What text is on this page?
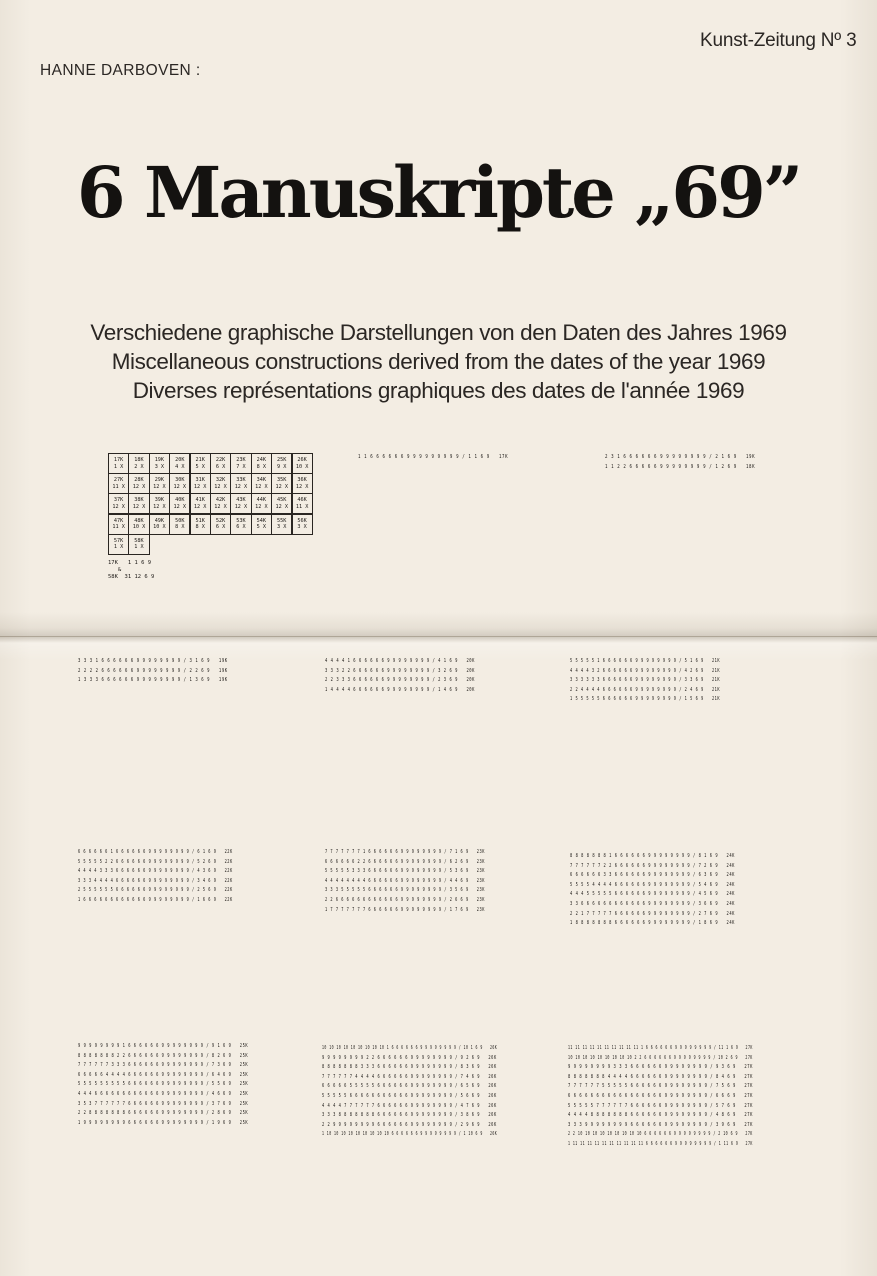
Kunst-Zeitung Nº 3
HANNE DARBOVEN :
6 Manuskripte „69”
Verschiedene graphische Darstellungen von den Daten des Jahres 1969
Miscellaneous constructions derived from the dates of the year 1969
Diverses représentations graphiques des dates de l'année 1969
17K
1 X
18K
2 X
19K
3 X
20K
4 X
21K
5 X
22K
6 X
23K
7 X
24K
8 X
25K
9 X
26K
10 X
27K
11 X
28K
12 X
29K
12 X
30K
12 X
31K
12 X
32K
12 X
33K
12 X
34K
12 X
35K
12 X
36K
12 X
37K
12 X
38K
12 X
39K
12 X
40K
12 X
41K
12 X
42K
12 X
43K
12 X
44K
12 X
45K
12 X
46K
11 X
47K
11 X
48K
10 X
49K
10 X
50K
8 X
51K
8 X
52K
6 X
53K
6 X
54K
5 X
55K
3 X
56K
3 X
57K
1 X
58K
1 X
17K   1 1 6 9
&
58K  31 12 6 9
1 1 6 6 6 6 6 6 9 9 9 9 9 9 9 9 9 / 1 1 6 9   17K	2 3 1 6 6 6 6 6 6 9 9 9 9 9 9 9 9 / 2 1 6 9   19K
1 1 2 2 6 6 6 6 6 9 9 9 9 9 9 9 9 / 1 2 6 9   18K
3 3 3 1 6 6 6 6 6 6 9 9 9 9 9 9 9 9 / 3 1 6 9   19K
2 2 2 2 6 6 6 6 6 6 9 9 9 9 9 9 9 9 / 2 2 6 9   19K
1 3 3 3 6 6 6 6 6 6 9 9 9 9 9 9 9 9 / 1 3 6 9   19K
4 4 4 4 1 6 6 6 6 6 6 9 9 9 9 9 9 9 9 / 4 1 6 9   20K
3 3 3 2 2 6 6 6 6 6 6 9 9 9 9 9 9 9 9 / 3 2 6 9   20K
2 2 3 3 3 6 6 6 6 6 6 9 9 9 9 9 9 9 9 / 2 3 6 9   20K
1 4 4 4 4 6 6 6 6 6 6 9 9 9 9 9 9 9 9 / 1 4 6 9   20K
5 5 5 5 5 1 6 6 6 6 6 6 9 9 9 9 9 9 9 9 / 5 1 6 9   21K
4 4 4 4 3 2 6 6 6 6 6 6 9 9 9 9 9 9 9 9 / 4 2 6 9   21K
3 3 3 3 3 3 6 6 6 6 6 6 9 9 9 9 9 9 9 9 / 3 3 6 9   21K
2 2 4 4 4 4 6 6 6 6 6 6 9 9 9 9 9 9 9 9 / 2 4 6 9   21K
1 5 5 5 5 5 6 6 6 6 6 6 9 9 9 9 9 9 9 9 / 1 5 6 9   21K
6 6 6 6 6 6 1 6 6 6 6 6 6 9 9 9 9 9 9 9 9 / 6 1 6 9   22K
5 5 5 5 5 2 2 6 6 6 6 6 6 9 9 9 9 9 9 9 9 / 5 2 6 9   22K
4 4 4 4 3 3 3 6 6 6 6 6 6 9 9 9 9 9 9 9 9 / 4 3 6 9   22K
3 3 3 4 4 4 4 6 6 6 6 6 6 9 9 9 9 9 9 9 9 / 3 4 6 9   22K
2 5 5 5 5 5 5 6 6 6 6 6 6 9 9 9 9 9 9 9 9 / 2 5 6 9   22K
1 6 6 6 6 6 6 6 6 6 6 6 6 9 9 9 9 9 9 9 9 / 1 6 6 9   22K
7 7 7 7 7 7 7 1 6 6 6 6 6 6 9 9 9 9 9 9 9 9 / 7 1 6 9   23K
6 6 6 6 6 6 2 2 6 6 6 6 6 6 9 9 9 9 9 9 9 9 / 6 2 6 9   23K
5 5 5 5 5 3 3 3 6 6 6 6 6 6 9 9 9 9 9 9 9 9 / 5 3 6 9   23K
4 4 4 4 4 4 4 4 6 6 6 6 6 6 9 9 9 9 9 9 9 9 / 4 4 6 9   23K
3 3 3 5 5 5 5 5 6 6 6 6 6 6 9 9 9 9 9 9 9 9 / 3 5 6 9   23K
2 2 6 6 6 6 6 6 6 6 6 6 6 6 9 9 9 9 9 9 9 9 / 2 6 6 9   23K
1 7 7 7 7 7 7 7 6 6 6 6 6 6 9 9 9 9 9 9 9 9 / 1 7 6 9   23K
8 8 8 8 8 8 8 1 6 6 6 6 6 6 9 9 9 9 9 9 9 9 / 8 1 6 9   24K
7 7 7 7 7 7 2 2 6 6 6 6 6 6 9 9 9 9 9 9 9 9 / 7 2 6 9   24K
6 6 6 6 6 6 3 3 6 6 6 6 6 6 9 9 9 9 9 9 9 9 / 6 3 6 9   24K
5 5 5 5 4 4 4 4 6 6 6 6 6 6 9 9 9 9 9 9 9 9 / 5 4 6 9   24K
4 4 4 5 5 5 5 5 6 6 6 6 6 6 9 9 9 9 9 9 9 9 / 4 5 6 9   24K
3 3 6 6 6 6 6 6 6 6 6 6 6 6 9 9 9 9 9 9 9 9 / 3 6 6 9   24K
2 2 1 7 7 7 7 7 6 6 6 6 6 6 9 9 9 9 9 9 9 9 / 2 7 6 9   24K
1 8 8 8 8 8 8 8 6 6 6 6 6 6 9 9 9 9 9 9 9 9 / 1 8 6 9   24K
9 9 9 9 9 9 9 9 1 6 6 6 6 6 6 9 9 9 9 9 9 9 9 / 9 1 6 9   25K
8 8 8 8 8 8 8 2 2 6 6 6 6 6 6 9 9 9 9 9 9 9 9 / 8 2 6 9   25K
7 7 7 7 7 7 3 3 3 6 6 6 6 6 6 9 9 9 9 9 9 9 9 / 7 3 6 9   25K
6 6 6 6 6 4 4 4 4 6 6 6 6 6 6 9 9 9 9 9 9 9 9 / 6 4 6 9   25K
5 5 5 5 5 5 5 5 5 6 6 6 6 6 6 9 9 9 9 9 9 9 9 / 5 5 6 9   25K
4 4 4 6 6 6 6 6 6 6 6 6 6 6 6 9 9 9 9 9 9 9 9 / 4 6 6 9   25K
3 5 3 7 7 7 7 7 7 6 6 6 6 6 6 9 9 9 9 9 9 9 9 / 3 7 6 9   25K
2 2 8 8 8 8 8 8 8 6 6 6 6 6 6 9 9 9 9 9 9 9 9 / 2 8 6 9   25K
1 9 9 9 9 9 9 9 9 6 6 6 6 6 6 9 9 9 9 9 9 9 9 / 1 9 6 9   25K
10 10 10 10 10 10 10 10 10 1 6 6 6 6 6 6 9 9 9 9 9 9 9 9 / 10 1 6 9   26K
9 9 9 9 9 9 9 9 2 2 6 6 6 6 6 6 9 9 9 9 9 9 9 9 / 9 2 6 9   26K
8 8 8 8 8 8 8 3 3 3 6 6 6 6 6 6 9 9 9 9 9 9 9 9 / 8 3 6 9   26K
7 7 7 7 7 7 4 4 4 4 6 6 6 6 6 6 9 9 9 9 9 9 9 9 / 7 4 6 9   26K
6 6 6 6 6 5 5 5 5 5 6 6 6 6 6 6 9 9 9 9 9 9 9 9 / 6 5 6 9   26K
5 5 5 5 5 6 6 6 6 6 6 6 6 6 6 6 9 9 9 9 9 9 9 9 / 5 6 6 9   26K
4 4 4 4 7 7 7 7 7 7 6 6 6 6 6 6 9 9 9 9 9 9 9 9 / 4 7 6 9   26K
3 3 3 8 8 8 8 8 8 8 6 6 6 6 6 6 9 9 9 9 9 9 9 9 / 3 8 6 9   26K
2 2 9 9 9 9 9 9 9 9 6 6 6 6 6 6 9 9 9 9 9 9 9 9 / 2 9 6 9   26K
1 10 10 10 10 10 10 10 10 10 6 6 6 6 6 6 9 9 9 9 9 9 9 9 / 1 10 6 9   26K
11 11 11 11 11 11 11 11 11 11 1 6 6 6 6 6 6 9 9 9 9 9 9 9 9 / 11 1 6 9   27K
10 10 10 10 10 10 10 10 10 2 2 6 6 6 6 6 6 9 9 9 9 9 9 9 9 / 10 2 6 9   27K
9 9 9 9 9 9 9 9 3 3 3 6 6 6 6 6 6 9 9 9 9 9 9 9 9 / 9 3 6 9   27K
8 8 8 8 8 8 8 4 4 4 4 6 6 6 6 6 6 9 9 9 9 9 9 9 9 / 8 4 6 9   27K
7 7 7 7 7 7 5 5 5 5 5 6 6 6 6 6 6 9 9 9 9 9 9 9 9 / 7 5 6 9   27K
6 6 6 6 6 6 6 6 6 6 6 6 6 6 6 6 6 9 9 9 9 9 9 9 9 / 6 6 6 9   27K
5 5 5 5 5 7 7 7 7 7 7 6 6 6 6 6 6 9 9 9 9 9 9 9 9 / 5 7 6 9   27K
4 4 4 4 8 8 8 8 8 8 8 6 6 6 6 6 6 9 9 9 9 9 9 9 9 / 4 8 6 9   27K
3 3 3 9 9 9 9 9 9 9 9 6 6 6 6 6 6 9 9 9 9 9 9 9 9 / 3 9 6 9   27K
2 2 10 10 10 10 10 10 10 10 10 6 6 6 6 6 6 9 9 9 9 9 9 9 9 / 2 10 6 9   27K
1 11 11 11 11 11 11 11 11 11 11 6 6 6 6 6 6 9 9 9 9 9 9 9 9 / 1 11 6 9   27K
